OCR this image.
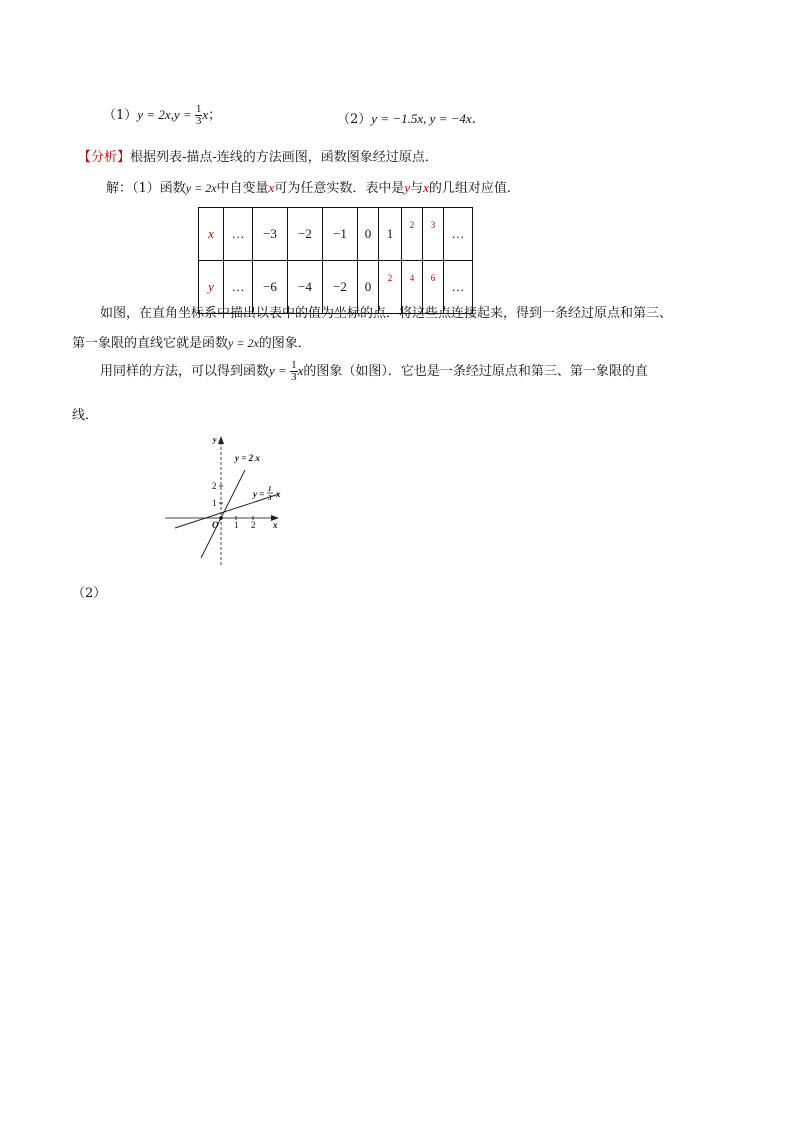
$(1)y = 2x,y = \frac{1}{3}$ x；	（2）y = −1.5x, y = −4x.
【分析】根据列表-描点-连线的方法画图，函数图象经过原点．
解：（1）函数y = 2x中自变量x可为任意实数．表中是y与x的几组对应值．
x	…	−3	−2	−1	0	1	2	3	…
y	…	−6	−4	−2	0	2	4	6	…
如图，在直角坐标系中描出以表中的值为坐标的点．将这些点连接起来，得到一条经过原点和第三、
第一象限的直线它就是函数y = 2x的图象．
用同样的方法，可以得到函数$y = \frac{1}{3}$ x的图象（如图）．它也是一条经过原点和第三、第一象限的直
线．
y = 2 x
y = 1
3 x
y
x
O 1 2
1
2
（2）
